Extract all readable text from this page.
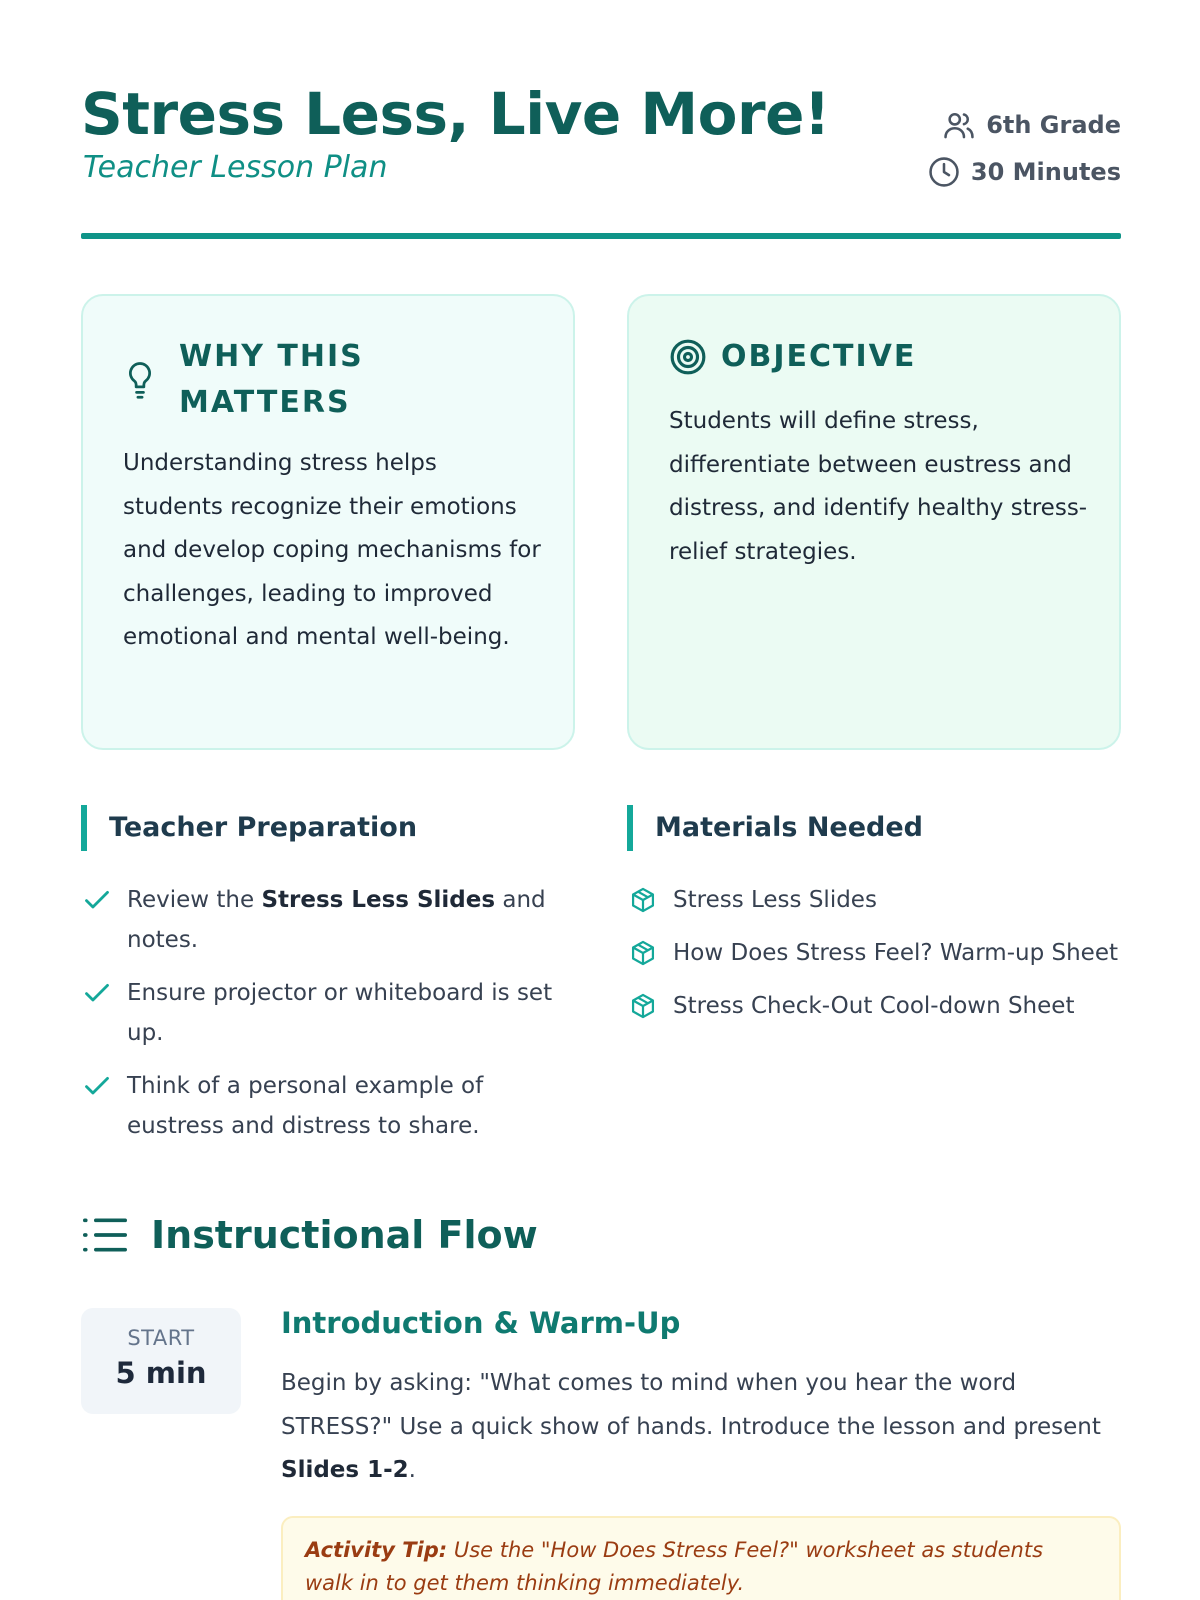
Stress Less, Live More!
Teacher Lesson Plan
6th Grade
30 Minutes
WHY THIS MATTERS

Understanding stress helps students recognize their emotions and develop coping mechanisms for challenges, leading to improved emotional and mental well-being.

OBJECTIVE

Students will define stress, differentiate between eustress and distress, and identify healthy stress-relief strategies.

Teacher Preparation
Review the Stress Less Slides and notes.
Ensure projector or whiteboard is set up.
Think of a personal example of eustress and distress to share.
Materials Needed
Stress Less Slides
How Does Stress Feel? Warm-up Sheet
Stress Check-Out Cool-down Sheet
Instructional Flow
START
5 min
Introduction & Warm-Up

Begin by asking: "What comes to mind when you hear the word STRESS?" Use a quick show of hands. Introduce the lesson and present Slides 1-2.

Activity Tip: Use the "How Does Stress Feel?" worksheet as students walk in to get them thinking immediately.
